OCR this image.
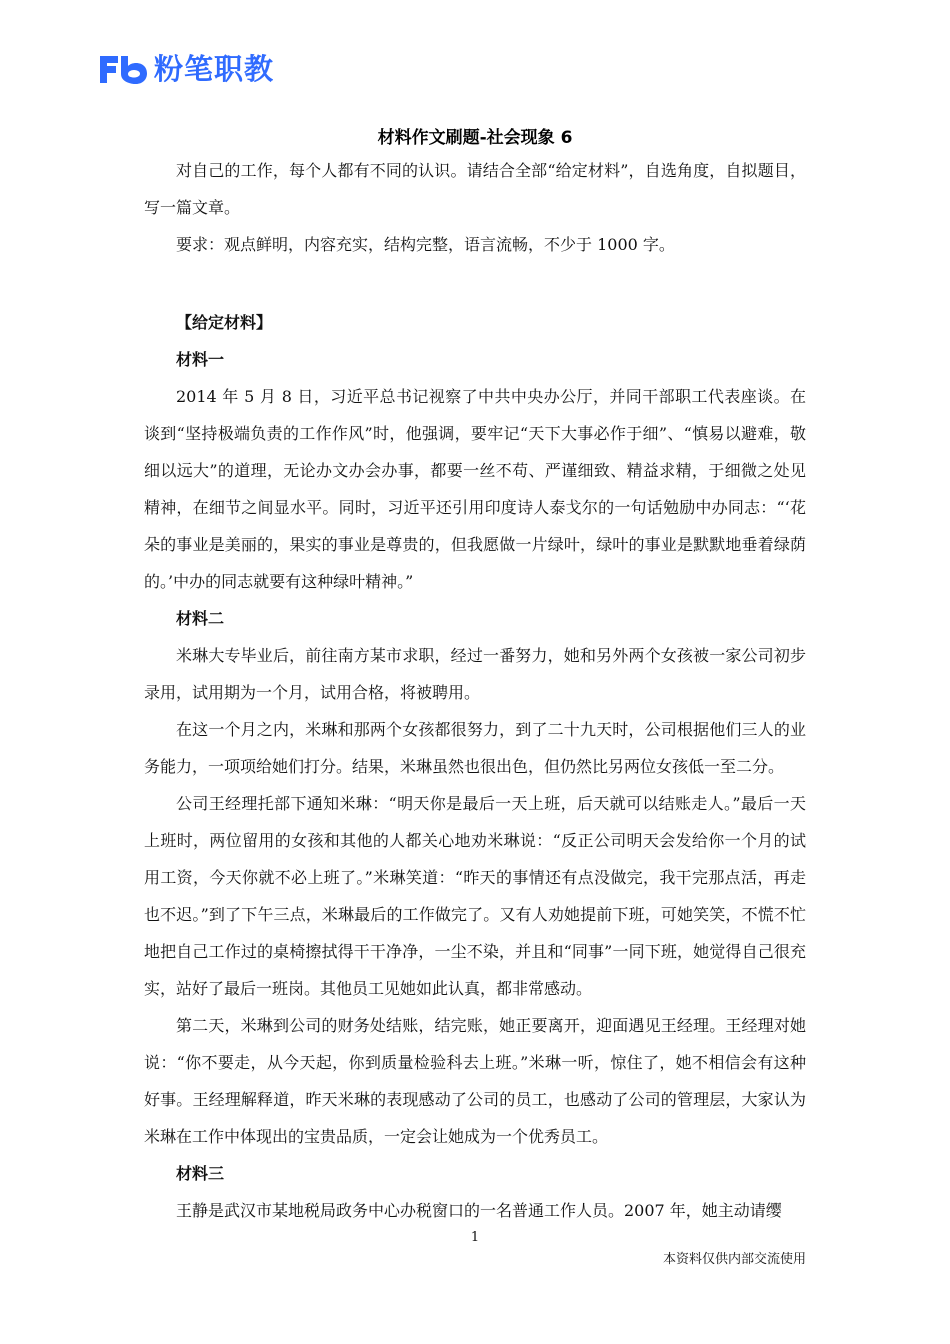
粉笔职教
材料作文刷题-社会现象 6

对自己的工作，每个人都有不同的认识。请结合全部“给定材料”，自选角度，自拟题目，写一篇文章。

要求：观点鲜明，内容充实，结构完整，语言流畅，不少于 1000 字。

【给定材料】

材料一

2014 年 5 月 8 日，习近平总书记视察了中共中央办公厅，并同干部职工代表座谈。在谈到“坚持极端负责的工作作风”时，他强调，要牢记“天下大事必作于细”、“慎易以避难，敬细以远大”的道理，无论办文办会办事，都要一丝不苟、严谨细致、精益求精，于细微之处见精神，在细节之间显水平。同时，习近平还引用印度诗人泰戈尔的一句话勉励中办同志：“‘花朵的事业是美丽的，果实的事业是尊贵的，但我愿做一片绿叶，绿叶的事业是默默地垂着绿荫的。’中办的同志就要有这种绿叶精神。”

材料二

米琳大专毕业后，前往南方某市求职，经过一番努力，她和另外两个女孩被一家公司初步录用，试用期为一个月，试用合格，将被聘用。

在这一个月之内，米琳和那两个女孩都很努力，到了二十九天时，公司根据他们三人的业务能力，一项项给她们打分。结果，米琳虽然也很出色，但仍然比另两位女孩低一至二分。

公司王经理托部下通知米琳：“明天你是最后一天上班，后天就可以结账走人。”最后一天上班时，两位留用的女孩和其他的人都关心地劝米琳说：“反正公司明天会发给你一个月的试用工资，今天你就不必上班了。”米琳笑道：“昨天的事情还有点没做完，我干完那点活，再走也不迟。”到了下午三点，米琳最后的工作做完了。又有人劝她提前下班，可她笑笑，不慌不忙地把自己工作过的桌椅擦拭得干干净净，一尘不染，并且和“同事”一同下班，她觉得自己很充实，站好了最后一班岗。其他员工见她如此认真，都非常感动。

第二天，米琳到公司的财务处结账，结完账，她正要离开，迎面遇见王经理。王经理对她说：“你不要走，从今天起，你到质量检验科去上班。”米琳一听，惊住了，她不相信会有这种好事。王经理解释道，昨天米琳的表现感动了公司的员工，也感动了公司的管理层，大家认为米琳在工作中体现出的宝贵品质，一定会让她成为一个优秀员工。

材料三

王静是武汉市某地税局政务中心办税窗口的一名普通工作人员。2007 年，她主动请缨

1
本资料仅供内部交流使用
